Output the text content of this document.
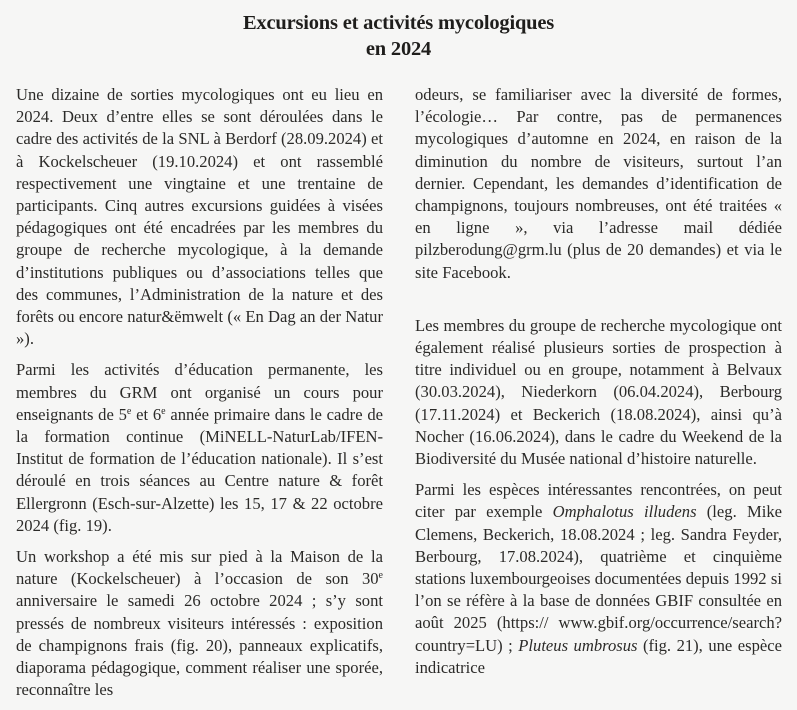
Excursions et activités mycologiques
en 2024

Une dizaine de sorties mycologiques ont eu lieu en 2024. Deux d’entre elles se sont déroulées dans le cadre des activités de la SNL à Berdorf (28.09.2024) et à Kockelscheuer (19.10.2024) et ont rassemblé respectivement une vingtaine et une trentaine de participants. Cinq autres excursions guidées à visées pédagogiques ont été encadrées par les membres du groupe de recherche mycologique, à la demande d’institutions publiques ou d’associations telles que des communes, l’Administration de la nature et des forêts ou encore natur&ëmwelt (« En Dag an der Natur »).

Parmi les activités d’éducation permanente, les membres du GRM ont organisé un cours pour enseignants de 5e et 6e année primaire dans le cadre de la formation continue (MiNELL-NaturLab/IFEN-Institut de formation de l’éducation nationale). Il s’est déroulé en trois séances au Centre nature & forêt Ellergronn (Esch-sur-Alzette) les 15, 17 & 22 octobre 2024 (fig. 19).

Un workshop a été mis sur pied à la Maison de la nature (Kockelscheuer) à l’occasion de son 30e anniversaire le samedi 26 octobre 2024 ; s’y sont pressés de nombreux visiteurs intéressés : exposition de champignons frais (fig. 20), panneaux explicatifs, diaporama pédagogique, comment réaliser une sporée, reconnaître les

odeurs, se familiariser avec la diversité de formes, l’écologie… Par contre, pas de permanences mycologiques d’automne en 2024, en raison de la diminution du nombre de visiteurs, surtout l’an dernier. Cependant, les demandes d’identification de champignons, toujours nombreuses, ont été traitées « en ligne », via l’adresse mail dédiée pilzberodung@grm.lu (plus de 20 demandes) et via le site Facebook.

Les membres du groupe de recherche mycologique ont également réalisé plusieurs sorties de prospection à titre individuel ou en groupe, notamment à Belvaux (30.03.2024), Niederkorn (06.04.2024), Berbourg (17.11.2024) et Beckerich (18.08.2024), ainsi qu’à Nocher (16.06.2024), dans le cadre du Weekend de la Biodiversité du Musée national d’histoire naturelle.

Parmi les espèces intéressantes rencontrées, on peut citer par exemple Omphalotus illudens (leg. Mike Clemens, Beckerich, 18.08.2024 ; leg. Sandra Feyder, Berbourg, 17.08.2024), quatrième et cinquième stations luxembourgeoises documentées depuis 1992 si l’on se réfère à la base de données GBIF consultée en août 2025 (https:// www.gbif.org/occurrence/search?country=LU) ; Pluteus umbrosus (fig. 21), une espèce indicatrice
